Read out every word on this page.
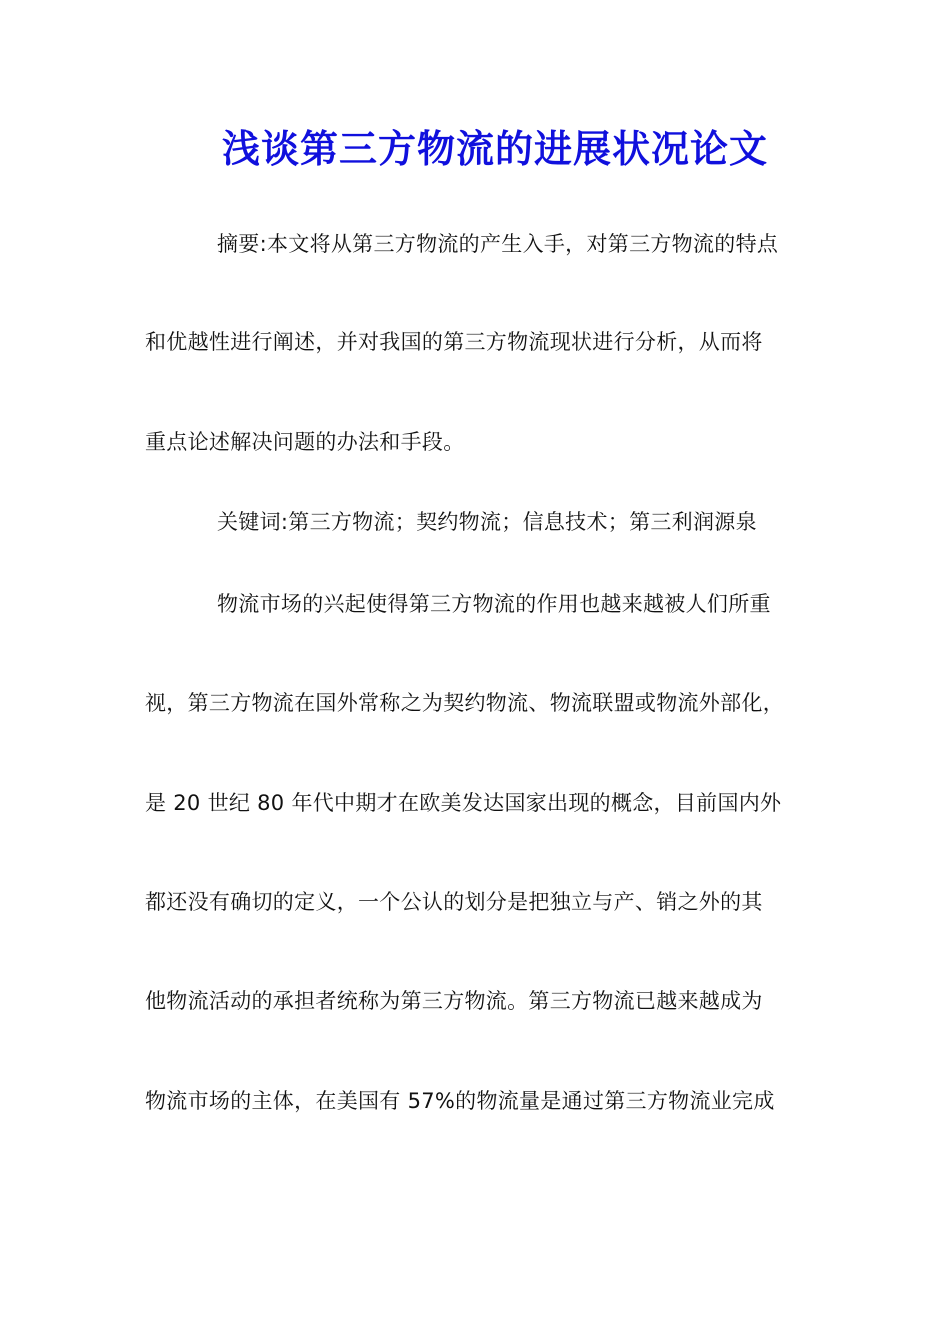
浅谈第三方物流的进展状况论文
摘要:本文将从第三方物流的产生入手，对第三方物流的特点
和优越性进行阐述，并对我国的第三方物流现状进行分析，从而将
重点论述解决问题的办法和手段。
关键词:第三方物流；契约物流；信息技术；第三利润源泉
物流市场的兴起使得第三方物流的作用也越来越被人们所重
视，第三方物流在国外常称之为契约物流、物流联盟或物流外部化，
是 20 世纪 80 年代中期才在欧美发达国家出现的概念，目前国内外
都还没有确切的定义，一个公认的划分是把独立与产、销之外的其
他物流活动的承担者统称为第三方物流。第三方物流已越来越成为
物流市场的主体，在美国有 57%的物流量是通过第三方物流业完成
